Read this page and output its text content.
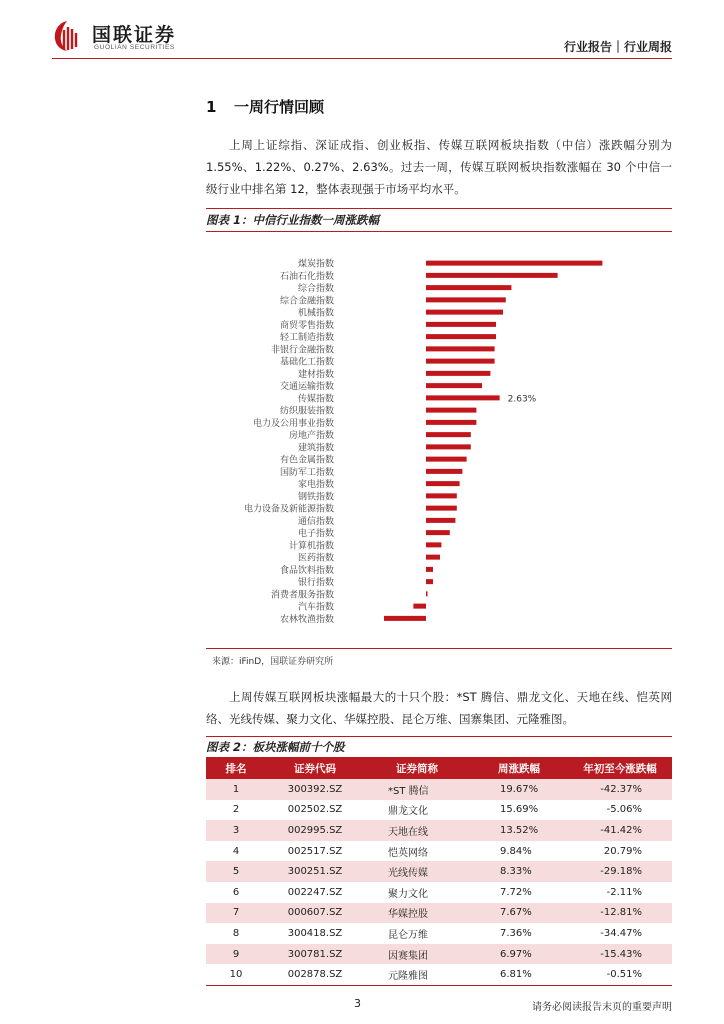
国联证券
GUOLIAN SECURITIES	行业报告｜行业周报
1 一周行情回顾
上周上证综指、深证成指、创业板指、传媒互联网板块指数（中信）涨跌幅分别为 1.55%、1.22%、0.27%、2.63%。过去一周，传媒互联网板块指数涨幅在 30 个中信一级行业中排名第 12，整体表现强于市场平均水平。
图表 1：中信行业指数一周涨跌幅
煤炭指数
石油石化指数
综合指数
综合金融指数
机械指数
商贸零售指数
轻工制造指数
非银行金融指数
基础化工指数
建材指数
交通运输指数
传媒指数	2.63%
纺织服装指数
电力及公用事业指数
房地产指数
建筑指数
有色金属指数
国防军工指数
家电指数
钢铁指数
电力设备及新能源指数
通信指数
电子指数
计算机指数
医药指数
食品饮料指数
银行指数
消费者服务指数
汽车指数
农林牧渔指数
来源：iFinD，国联证券研究所
上周传媒互联网板块涨幅最大的十只个股：*ST 腾信、鼎龙文化、天地在线、恺英网络、光线传媒、聚力文化、华媒控股、昆仑万维、国寨集团、元隆雅图。
图表 2：板块涨幅前十个股
排名	证券代码	证券简称	周涨跌幅	年初至今涨跌幅
1	300392.SZ	*ST 腾信	19.67%	-42.37%
2	002502.SZ	鼎龙文化	15.69%	-5.06%
3	002995.SZ	天地在线	13.52%	-41.42%
4	002517.SZ	恺英网络	9.84%	20.79%
5	300251.SZ	光线传媒	8.33%	-29.18%
6	002247.SZ	聚力文化	7.72%	-2.11%
7	000607.SZ	华媒控股	7.67%	-12.81%
8	300418.SZ	昆仑万维	7.36%	-34.47%
9	300781.SZ	因赛集团	6.97%	-15.43%
10	002878.SZ	元隆雅图	6.81%	-0.51%
3	请务必阅读报告末页的重要声明
